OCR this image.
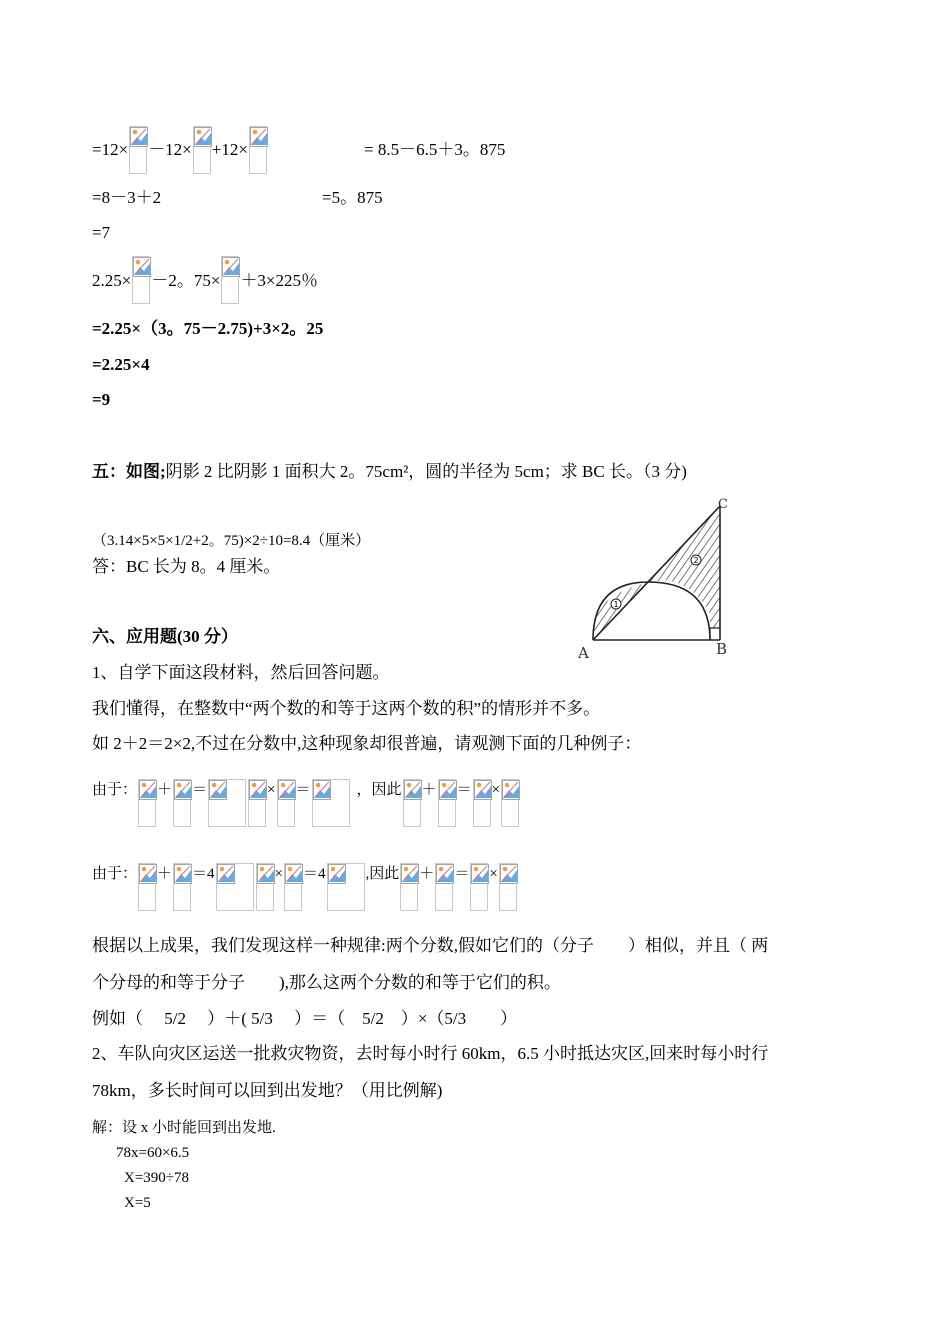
=12× －12× +12×	= 8.5－6.5＋3。875
=8－3＋2	=5。875
=7
2.25× －2。75× ＋3×225％
=2.25×（3。75－2.75)+3×2。25
=2.25×4
=9
五：如图;阴影 2 比阴影 1 面积大 2。75cm²，圆的半径为 5cm；求 BC 长。（3 分)
（3.14×5×5×1/2+2。75)×2÷10=8.4（厘米）
答：BC 长为 8。4 厘米。
1
2
A	B
C
六、应用题(30 分）
1、自学下面这段材料，然后回答问题。
我们懂得，在整数中“两个数的和等于这两个数的积”的情形并不多。
如 2＋2＝2×2,不过在分数中,这种现象却很普遍，请观测下面的几种例子：
由于： ＋ ＝	× ＝	，因此 ＋ ＝ ×
由于： ＋ ＝4	× ＝4	,因此 ＋ ＝ ×
根据以上成果，我们发现这样一种规律:两个分数,假如它们的（分子　　）相似，并且（ 两
个分母的和等于分子　　),那么这两个分数的和等于它们的积。
例如（　 5/2　 ）＋( 5/3　 ）＝（　5/2　）×（5/3　　）
2、车队向灾区运送一批救灾物资，去时每小时行 60km，6.5 小时抵达灾区,回来时每小时行
78km，多长时间可以回到出发地？（用比例解)
解：设 x 小时能回到出发地.
78x=60×6.5
X=390÷78
X=5
